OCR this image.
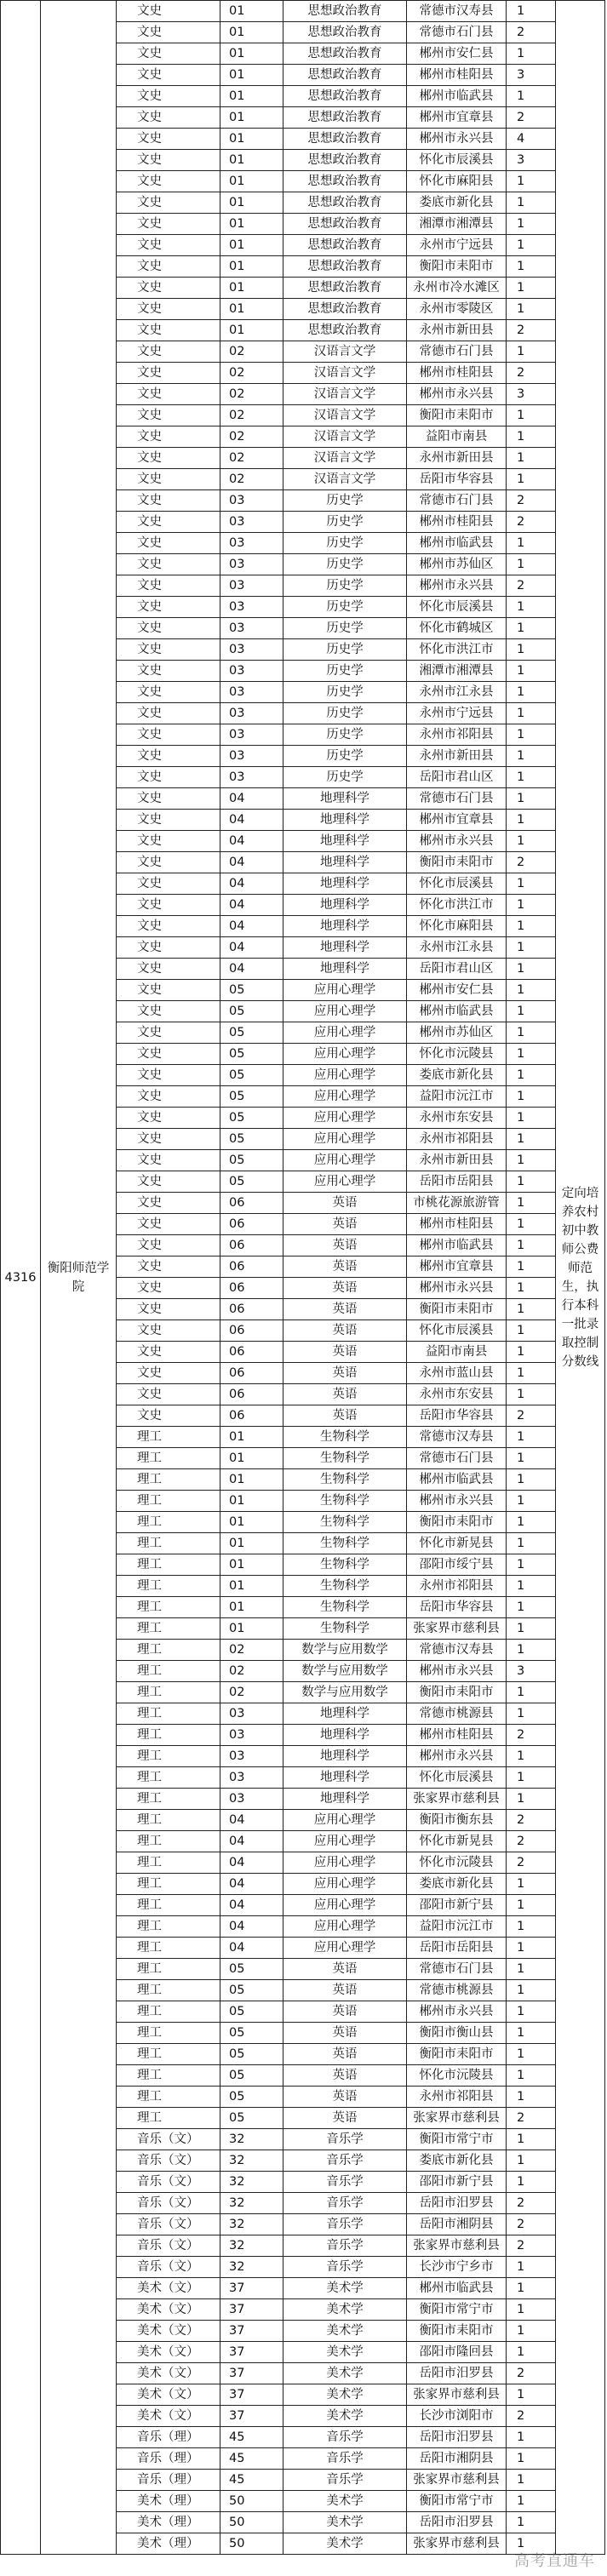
4316	衡阳师范学院	文史	01	思想政治教育	常德市汉寿县	1	定向培养农村初中教师公费师范生，执行本科一批录取控制分数线
		文史	01	思想政治教育	常德市石门县	2	
		文史	01	思想政治教育	郴州市安仁县	1	
		文史	01	思想政治教育	郴州市桂阳县	3	
		文史	01	思想政治教育	郴州市临武县	1	
		文史	01	思想政治教育	郴州市宜章县	2	
		文史	01	思想政治教育	郴州市永兴县	4	
		文史	01	思想政治教育	怀化市辰溪县	3	
		文史	01	思想政治教育	怀化市麻阳县	1	
		文史	01	思想政治教育	娄底市新化县	1	
		文史	01	思想政治教育	湘潭市湘潭县	1	
		文史	01	思想政治教育	永州市宁远县	1	
		文史	01	思想政治教育	衡阳市耒阳市	1	
		文史	01	思想政治教育	永州市冷水滩区	1	
		文史	01	思想政治教育	永州市零陵区	1	
		文史	01	思想政治教育	永州市新田县	2	
		文史	02	汉语言文学	常德市石门县	1	
		文史	02	汉语言文学	郴州市桂阳县	2	
		文史	02	汉语言文学	郴州市永兴县	3	
		文史	02	汉语言文学	衡阳市耒阳市	1	
		文史	02	汉语言文学	益阳市南县	1	
		文史	02	汉语言文学	永州市新田县	1	
		文史	02	汉语言文学	岳阳市华容县	1	
		文史	03	历史学	常德市石门县	2	
		文史	03	历史学	郴州市桂阳县	2	
		文史	03	历史学	郴州市临武县	1	
		文史	03	历史学	郴州市苏仙区	1	
		文史	03	历史学	郴州市永兴县	2	
		文史	03	历史学	怀化市辰溪县	1	
		文史	03	历史学	怀化市鹤城区	1	
		文史	03	历史学	怀化市洪江市	1	
		文史	03	历史学	湘潭市湘潭县	1	
		文史	03	历史学	永州市江永县	1	
		文史	03	历史学	永州市宁远县	1	
		文史	03	历史学	永州市祁阳县	1	
		文史	03	历史学	永州市新田县	1	
		文史	03	历史学	岳阳市君山区	1	
		文史	04	地理科学	常德市石门县	1	
		文史	04	地理科学	郴州市宜章县	1	
		文史	04	地理科学	郴州市永兴县	1	
		文史	04	地理科学	衡阳市耒阳市	2	
		文史	04	地理科学	怀化市辰溪县	1	
		文史	04	地理科学	怀化市洪江市	1	
		文史	04	地理科学	怀化市麻阳县	1	
		文史	04	地理科学	永州市江永县	1	
		文史	04	地理科学	岳阳市君山区	1	
		文史	05	应用心理学	郴州市安仁县	1	
		文史	05	应用心理学	郴州市临武县	1	
		文史	05	应用心理学	郴州市苏仙区	1	
		文史	05	应用心理学	怀化市沅陵县	1	
		文史	05	应用心理学	娄底市新化县	1	
		文史	05	应用心理学	益阳市沅江市	1	
		文史	05	应用心理学	永州市东安县	1	
		文史	05	应用心理学	永州市祁阳县	1	
		文史	05	应用心理学	永州市新田县	1	
		文史	05	应用心理学	岳阳市岳阳县	1	
		文史	06	英语	市桃花源旅游管	1	
		文史	06	英语	郴州市桂阳县	1	
		文史	06	英语	郴州市临武县	1	
		文史	06	英语	郴州市宜章县	1	
		文史	06	英语	郴州市永兴县	1	
		文史	06	英语	衡阳市耒阳市	1	
		文史	06	英语	怀化市辰溪县	1	
		文史	06	英语	益阳市南县	1	
		文史	06	英语	永州市蓝山县	1	
		文史	06	英语	永州市东安县	1	
		文史	06	英语	岳阳市华容县	2	
		理工	01	生物科学	常德市汉寿县	1	
		理工	01	生物科学	常德市石门县	1	
		理工	01	生物科学	郴州市临武县	1	
		理工	01	生物科学	郴州市永兴县	1	
		理工	01	生物科学	衡阳市耒阳市	1	
		理工	01	生物科学	怀化市新晃县	1	
		理工	01	生物科学	邵阳市绥宁县	1	
		理工	01	生物科学	永州市祁阳县	1	
		理工	01	生物科学	岳阳市华容县	1	
		理工	01	生物科学	张家界市慈利县	1	
		理工	02	数学与应用数学	常德市汉寿县	1	
		理工	02	数学与应用数学	郴州市永兴县	3	
		理工	02	数学与应用数学	衡阳市耒阳市	1	
		理工	03	地理科学	常德市桃源县	1	
		理工	03	地理科学	郴州市桂阳县	2	
		理工	03	地理科学	郴州市永兴县	1	
		理工	03	地理科学	怀化市辰溪县	1	
		理工	03	地理科学	张家界市慈利县	1	
		理工	04	应用心理学	衡阳市衡东县	2	
		理工	04	应用心理学	怀化市新晃县	2	
		理工	04	应用心理学	怀化市沅陵县	2	
		理工	04	应用心理学	娄底市新化县	1	
		理工	04	应用心理学	邵阳市新宁县	1	
		理工	04	应用心理学	益阳市沅江市	1	
		理工	04	应用心理学	岳阳市岳阳县	1	
		理工	05	英语	常德市石门县	1	
		理工	05	英语	常德市桃源县	1	
		理工	05	英语	郴州市永兴县	1	
		理工	05	英语	衡阳市衡山县	1	
		理工	05	英语	衡阳市耒阳市	1	
		理工	05	英语	怀化市沅陵县	1	
		理工	05	英语	永州市祁阳县	1	
		理工	05	英语	张家界市慈利县	2	
		音乐（文）	32	音乐学	衡阳市常宁市	1	
		音乐（文）	32	音乐学	娄底市新化县	1	
		音乐（文）	32	音乐学	邵阳市新宁县	1	
		音乐（文）	32	音乐学	岳阳市汨罗县	2	
		音乐（文）	32	音乐学	岳阳市湘阴县	2	
		音乐（文）	32	音乐学	张家界市慈利县	2	
		音乐（文）	32	音乐学	长沙市宁乡市	1	
		美术（文）	37	美术学	郴州市临武县	1	
		美术（文）	37	美术学	衡阳市常宁市	1	
		美术（文）	37	美术学	衡阳市耒阳市	1	
		美术（文）	37	美术学	邵阳市隆回县	1	
		美术（文）	37	美术学	岳阳市汨罗县	2	
		美术（文）	37	美术学	张家界市慈利县	1	
		美术（文）	37	美术学	长沙市浏阳市	2	
		音乐（理）	45	音乐学	岳阳市汨罗县	1	
		音乐（理）	45	音乐学	岳阳市湘阴县	1	
		音乐（理）	45	音乐学	张家界市慈利县	1	
		美术（理）	50	美术学	衡阳市常宁市	1	
		美术（理）	50	美术学	岳阳市汨罗县	1	
		美术（理）	50	美术学	张家界市慈利县	1	
高考直通车
